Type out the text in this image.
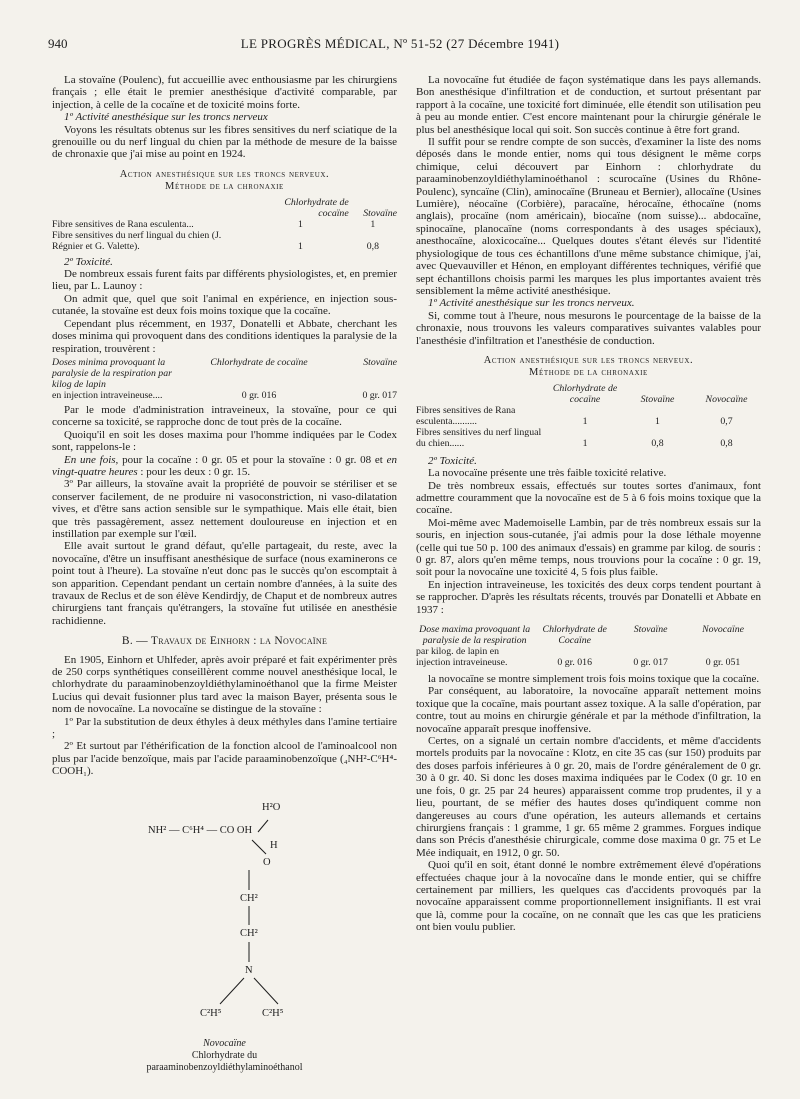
940	LE PROGRÈS MÉDICAL, Nº 51-52 (27 Décembre 1941)

La stovaïne (Poulenc), fut accueillie avec enthousiasme par les chirurgiens français ; elle était le premier anesthésique d'activité comparable, par injection, à celle de la cocaïne et de toxicité moins forte.

1º Activité anesthésique sur les troncs nerveux

Voyons les résultats obtenus sur les fibres sensitives du nerf sciatique de la grenouille ou du nerf lingual du chien par la méthode de mesure de la baisse de chronaxie que j'ai mise au point en 1924.

Action anesthésique sur les troncs nerveux.
Méthode de la chronaxie
	Chlorhydrate de cocaïne	Stovaïne
Fibre sensitives de Rana esculenta...	1	1
Fibre sensitives du nerf lingual du chien (J. Régnier et G. Valette).	1	0,8

2º Toxicité.

De nombreux essais furent faits par différents physiologistes, et, en premier lieu, par L. Launoy :

On admit que, quel que soit l'animal en expérience, en injection sous-cutanée, la stovaïne est deux fois moins toxique que la cocaïne.

Cependant plus récemment, en 1937, Donatelli et Abbate, cherchant les doses minima qui provoquent dans des conditions identiques la paralysie de la respiration, trouvèrent :

Doses minima provoquant la paralysie de la respiration par kilog de lapin	Chlorhydrate de cocaïne	Stovaïne
en injection intraveineuse....	0 gr. 016	0 gr. 017

Par le mode d'administration intraveineux, la stovaïne, pour ce qui concerne sa toxicité, se rapproche donc de tout près de la cocaïne.

Quoiqu'il en soit les doses maxima pour l'homme indiquées par le Codex sont, rappelons-le :

En une fois, pour la cocaïne : 0 gr. 05 et pour la stovaïne : 0 gr. 08 et en vingt-quatre heures : pour les deux : 0 gr. 15.

3º Par ailleurs, la stovaïne avait la propriété de pouvoir se stériliser et se conserver facilement, de ne produire ni vasoconstriction, ni vaso-dilatation vives, et d'être sans action sensible sur le sympathique. Mais elle était, bien que très passagèrement, assez nettement douloureuse en injection et en instillation par exemple sur l'œil.

Elle avait surtout le grand défaut, qu'elle partageait, du reste, avec la novocaïne, d'être un insuffisant anesthésique de surface (nous examinerons ce point tout à l'heure). La stovaïne n'eut donc pas le succès qu'on escomptait à son apparition. Cependant pendant un certain nombre d'années, à la suite des travaux de Reclus et de son élève Kendirdjy, de Chaput et de nombreux autres chirurgiens tant français qu'étrangers, la stovaïne fut utilisée en anesthésie rachidienne.

B. — Travaux de Einhorn : la Novocaïne

En 1905, Einhorn et Uhlfeder, après avoir préparé et fait expérimenter près de 250 corps synthétiques conseillèrent comme nouvel anesthésique local, le chlorhydrate du paraaminobenzoyldiéthylaminoéthanol que la firme Meister Lucius qui devait fusionner plus tard avec la maison Bayer, présenta sous le nom de novocaïne. La novocaïne se distingue de la stovaïne :

1º Par la substitution de deux éthyles à deux méthyles dans l'amine tertiaire ;

2º Et surtout par l'éthérification de la fonction alcool de l'aminoalcool non plus par l'acide benzoïque, mais par l'acide paraaminobenzoïque (₄NH²-C⁶H⁴-COOH₁).

H²O
NH² — C⁶H⁴ — CO OH
H
O
CH²
CH²
N
C²H⁵	C²H⁵
Novocaïne
Chlorhydrate du
paraaminobenzoyldiéthylaminoéthanol

La novocaïne fut étudiée de façon systématique dans les pays allemands. Bon anesthésique d'infiltration et de conduction, et surtout présentant par rapport à la cocaïne, une toxicité fort diminuée, elle étendit son utilisation peu à peu au monde entier. C'est encore maintenant pour la chirurgie générale le plus bel anesthésique local qui soit. Son succès continue à être fort grand.

Il suffit pour se rendre compte de son succès, d'examiner la liste des noms déposés dans le monde entier, noms qui tous désignent le même corps chimique, celui découvert par Einhorn : chlorhydrate du paraaminobenzoyldiéthylaminoéthanol : scurocaïne (Usines du Rhône-Poulenc), syncaïne (Clin), aminocaïne (Bruneau et Bernier), allocaïne (Usines Lumière), néocaïne (Corbière), paracaïne, hérocaïne, éthocaïne (noms anglais), procaïne (nom américain), biocaïne (nom suisse)... abdocaïne, spinocaïne, planocaïne (noms correspondants à des usages spéciaux), anesthocaïne, aloxicocaïne... Quelques doutes s'étant élevés sur l'identité physiologique de tous ces échantillons d'une même substance chimique, j'ai, avec Quevauviller et Hénon, en employant différentes techniques, vérifié que sept échantillons choisis parmi les marques les plus importantes avaient très sensiblement la même activité anesthésique.

1º Activité anesthésique sur les troncs nerveux.

Si, comme tout à l'heure, nous mesurons le pourcentage de la baisse de la chronaxie, nous trouvons les valeurs comparatives suivantes valables pour l'anesthésie d'infiltration et l'anesthésie de conduction.

Action anesthésique sur les troncs nerveux.
Méthode de la chronaxie
	Chlorhydrate de cocaïne	Stovaïne	Novocaïne
Fibres sensitives de Rana esculenta..........	1	1	0,7
Fibres sensitives du nerf lingual du chien......	1	0,8	0,8

2º Toxicité.

La novocaïne présente une très faible toxicité relative.

De très nombreux essais, effectués sur toutes sortes d'animaux, font admettre couramment que la novocaïne est de 5 à 6 fois moins toxique que la cocaïne.

Moi-même avec Mademoiselle Lambin, par de très nombreux essais sur la souris, en injection sous-cutanée, j'ai admis pour la dose léthale moyenne (celle qui tue 50 p. 100 des animaux d'essais) en gramme par kilog. de souris : 0 gr. 87, alors qu'en même temps, nous trouvions pour la cocaïne : 0 gr. 19, soit pour la novocaïne une toxicité 4, 5 fois plus faible.

En injection intraveineuse, les toxicités des deux corps tendent pourtant à se rapprocher. D'après les résultats récents, trouvés par Donatelli et Abbate en 1937 :

Dose maxima provoquant la paralysie de la respiration	Chlorhydrate de Cocaïne	Stovaïne	Novocaïne
par kilog. de lapin en injection intraveineuse.	0 gr. 016	0 gr. 017	0 gr. 051

la novocaïne se montre simplement trois fois moins toxique que la cocaïne.

Par conséquent, au laboratoire, la novocaïne apparaît nettement moins toxique que la cocaïne, mais pourtant assez toxique. A la salle d'opération, par contre, tout au moins en chirurgie générale et par la méthode d'infiltration, la novocaïne apparaît presque inoffensive.

Certes, on a signalé un certain nombre d'accidents, et même d'accidents mortels produits par la novocaïne : Klotz, en cite 35 cas (sur 150) produits par des doses parfois inférieures à 0 gr. 20, mais de l'ordre généralement de 0 gr. 30 à 0 gr. 40. Si donc les doses maxima indiquées par le Codex (0 gr. 10 en une fois, 0 gr. 25 par 24 heures) apparaissent comme trop prudentes, il y a lieu, pourtant, de se méfier des hautes doses qu'indiquent comme non dangereuses au cours d'une opération, les auteurs allemands et certains chirurgiens français : 1 gramme, 1 gr. 65 même 2 grammes. Forgues indique dans son Précis d'anesthésie chirurgicale, comme dose maxima 0 gr. 75 et Le Mée indiquait, en 1912, 0 gr. 50.

Quoi qu'il en soit, étant donné le nombre extrêmement élevé d'opérations effectuées chaque jour à la novocaïne dans le monde entier, qui se chiffre certainement par milliers, les quelques cas d'accidents provoqués par la novocaïne apparaissent comme proportionnellement insignifiants. Il est vrai que là, comme pour la cocaïne, on ne connaît que les cas que les praticiens ont bien voulu publier.
